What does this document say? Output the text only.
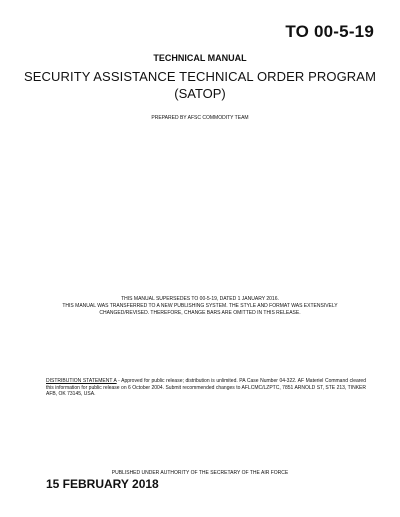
TO 00-5-19
TECHNICAL MANUAL
SECURITY ASSISTANCE TECHNICAL ORDER PROGRAM
(SATOP)
PREPARED BY AFSC COMMODITY TEAM
THIS MANUAL SUPERSEDES TO 00-5-19, DATED 1 JANUARY 2016.
THIS MANUAL WAS TRANSFERRED TO A NEW PUBLISHING SYSTEM. THE STYLE AND FORMAT WAS EXTENSIVELY
CHANGED/REVISED. THEREFORE, CHANGE BARS ARE OMITTED IN THIS RELEASE.
DISTRIBUTION STATEMENT A - Approved for public release; distribution is unlimited. PA Case Number 04-322. AF Materiel Command cleared this information for public release on 6 October 2004. Submit recommended changes to AFLCMC/LZPTC, 7851 ARNOLD ST, STE 213, TINKER AFB, OK 73145, USA.
PUBLISHED UNDER AUTHORITY OF THE SECRETARY OF THE AIR FORCE
15 FEBRUARY 2018
